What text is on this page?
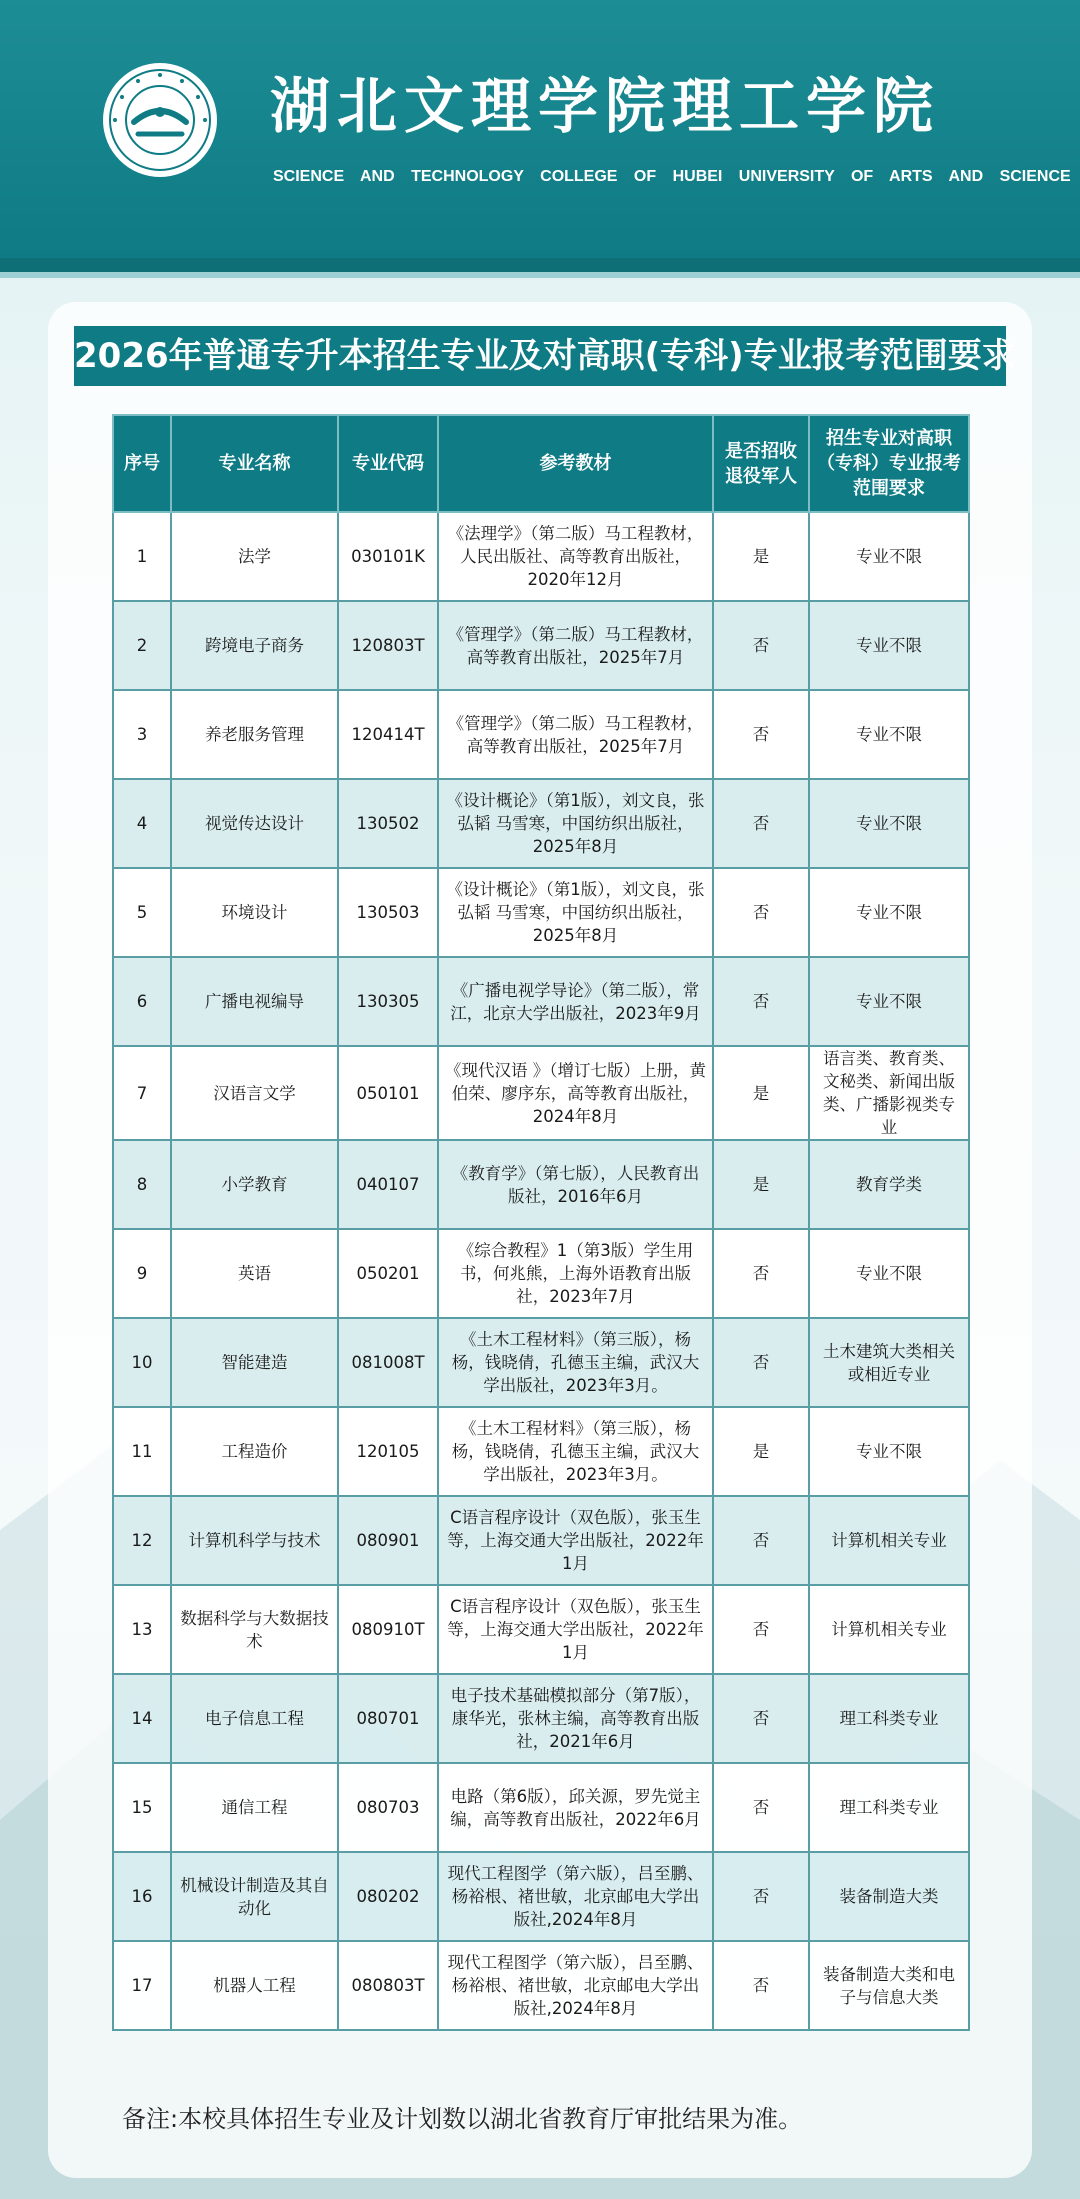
湖北文理学院理工学院
SCIENCE AND TECHNOLOGY COLLEGE OF HUBEI UNIVERSITY OF ARTS AND SCIENCE
2026年普通专升本招生专业及对高职(专科)专业报考范围要求
序号	专业名称	专业代码	参考教材	是否招收退役军人	招生专业对高职（专科）专业报考范围要求
1	法学	030101K	《法理学》（第二版）马工程教材，人民出版社、高等教育出版社，2020年12月	是	专业不限
2	跨境电子商务	120803T	《管理学》（第二版）马工程教材，高等教育出版社，2025年7月	否	专业不限
3	养老服务管理	120414T	《管理学》（第二版）马工程教材，高等教育出版社，2025年7月	否	专业不限
4	视觉传达设计	130502	《设计概论》（第1版），刘文良，张弘韬 马雪寒，中国纺织出版社，2025年8月	否	专业不限
5	环境设计	130503	《设计概论》（第1版），刘文良，张弘韬 马雪寒，中国纺织出版社，2025年8月	否	专业不限
6	广播电视编导	130305	《广播电视学导论》（第二版），常江，北京大学出版社，2023年9月	否	专业不限
7	汉语言文学	050101	《现代汉语 》（增订七版）上册，黄伯荣、廖序东，高等教育出版社，2024年8月	是	语言类、教育类、文秘类、新闻出版类、广播影视类专业
8	小学教育	040107	《教育学》（第七版），人民教育出版社，2016年6月	是	教育学类
9	英语	050201	《综合教程》1（第3版）学生用书，何兆熊，上海外语教育出版社，2023年7月	否	专业不限
10	智能建造	081008T	《土木工程材料》（第三版），杨杨，钱晓倩，孔德玉主编，武汉大学出版社，2023年3月。	否	土木建筑大类相关或相近专业
11	工程造价	120105	《土木工程材料》（第三版），杨杨，钱晓倩，孔德玉主编，武汉大学出版社，2023年3月。	是	专业不限
12	计算机科学与技术	080901	C语言程序设计（双色版），张玉生等，上海交通大学出版社，2022年1月	否	计算机相关专业
13	数据科学与大数据技术	080910T	C语言程序设计（双色版），张玉生等，上海交通大学出版社，2022年1月	否	计算机相关专业
14	电子信息工程	080701	电子技术基础模拟部分（第7版），康华光，张林主编，高等教育出版社，2021年6月	否	理工科类专业
15	通信工程	080703	电路（第6版），邱关源，罗先觉主编，高等教育出版社，2022年6月	否	理工科类专业
16	机械设计制造及其自动化	080202	现代工程图学（第六版），吕至鹏、杨裕根、褚世敏，北京邮电大学出版社,2024年8月	否	装备制造大类
17	机器人工程	080803T	现代工程图学（第六版），吕至鹏、杨裕根、褚世敏，北京邮电大学出版社,2024年8月	否	装备制造大类和电子与信息大类
备注:本校具体招生专业及计划数以湖北省教育厅审批结果为准。
